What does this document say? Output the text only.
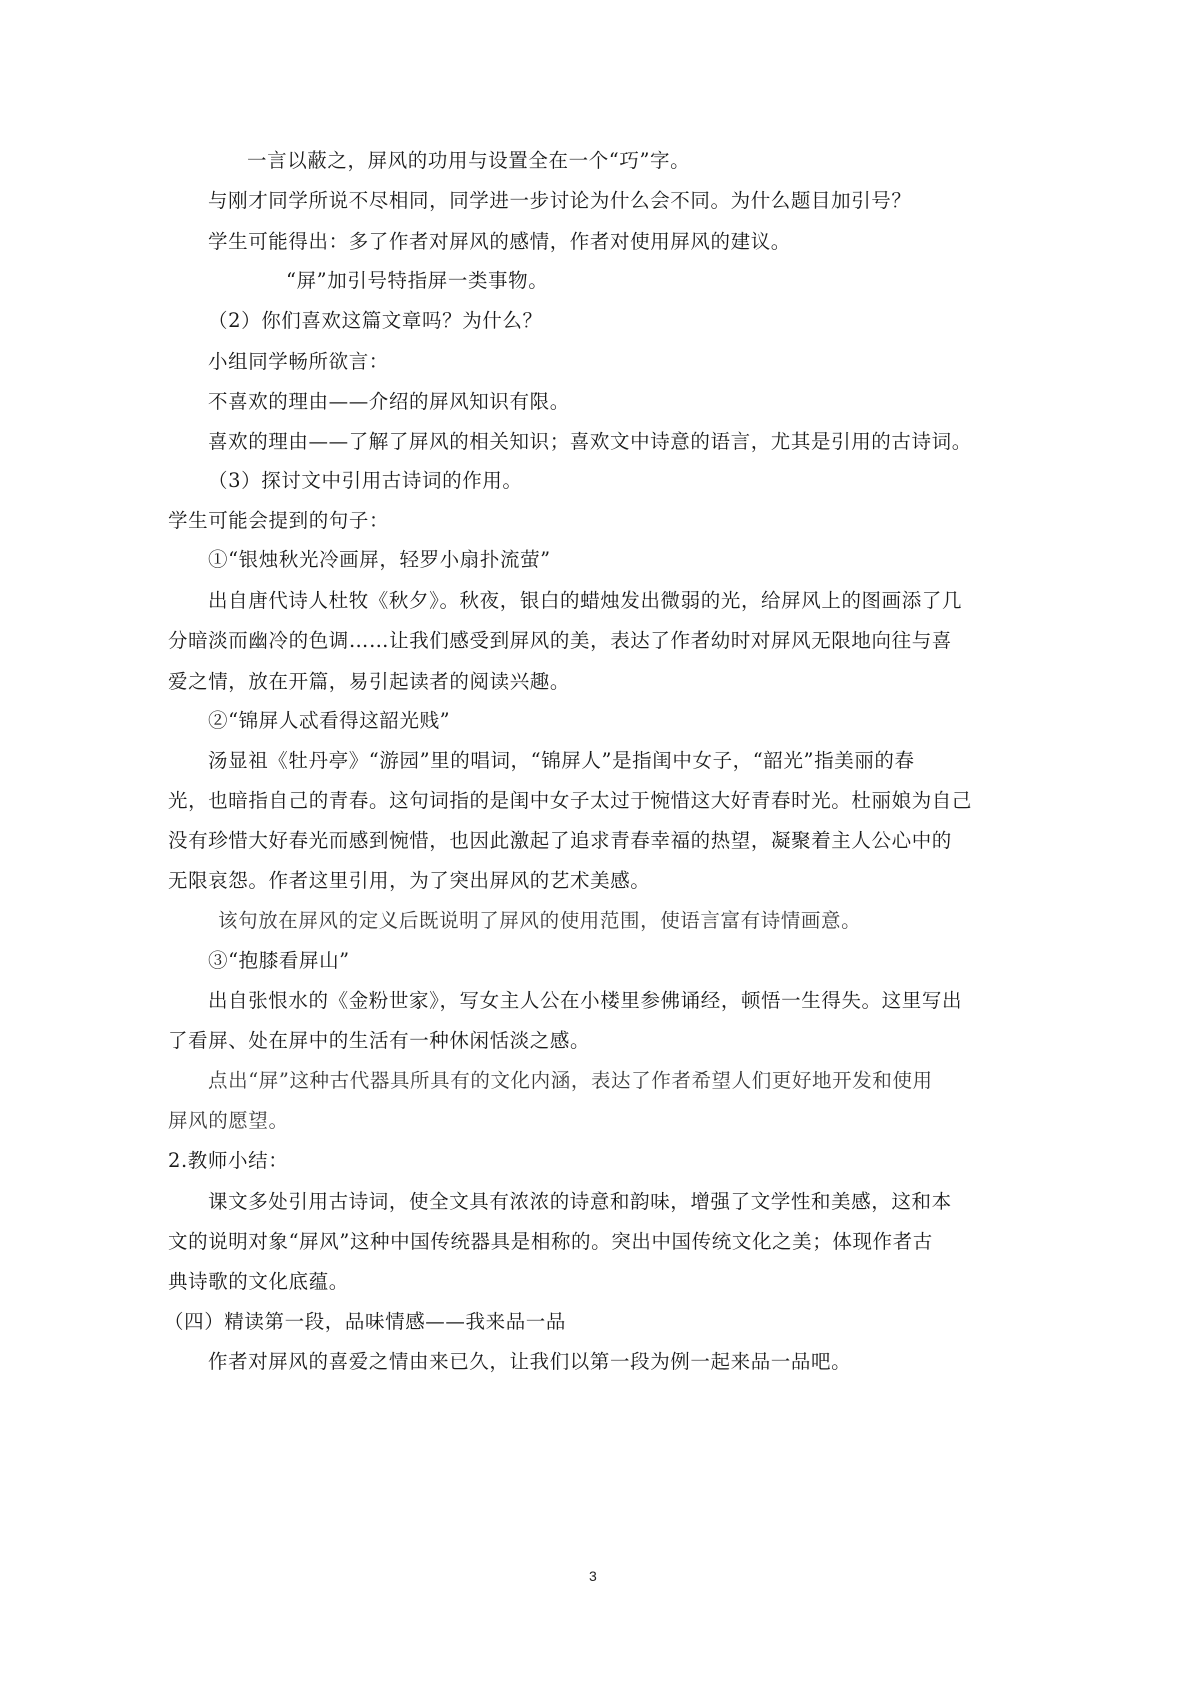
一言以蔽之，屏风的功用与设置全在一个“巧”字。
与刚才同学所说不尽相同，同学进一步讨论为什么会不同。为什么题目加引号？
学生可能得出：多了作者对屏风的感情，作者对使用屏风的建议。
“屏”加引号特指屏一类事物。
（2）你们喜欢这篇文章吗？为什么？
小组同学畅所欲言：
不喜欢的理由——介绍的屏风知识有限。
喜欢的理由——了解了屏风的相关知识；喜欢文中诗意的语言，尤其是引用的古诗词。
（3）探讨文中引用古诗词的作用。
学生可能会提到的句子：
①“银烛秋光冷画屏，轻罗小扇扑流萤”
出自唐代诗人杜牧《秋夕》。秋夜，银白的蜡烛发出微弱的光，给屏风上的图画添了几
分暗淡而幽冷的色调……让我们感受到屏风的美，表达了作者幼时对屏风无限地向往与喜
爱之情，放在开篇，易引起读者的阅读兴趣。
②“锦屏人忒看得这韶光贱”
汤显祖《牡丹亭》“游园”里的唱词，“锦屏人”是指闺中女子，“韶光”指美丽的春
光，也暗指自己的青春。这句词指的是闺中女子太过于惋惜这大好青春时光。杜丽娘为自己
没有珍惜大好春光而感到惋惜，也因此激起了追求青春幸福的热望，凝聚着主人公心中的
无限哀怨。作者这里引用，为了突出屏风的艺术美感。
该句放在屏风的定义后既说明了屏风的使用范围，使语言富有诗情画意。
③“抱膝看屏山”
出自张恨水的《金粉世家》，写女主人公在小楼里参佛诵经，顿悟一生得失。这里写出
了看屏、处在屏中的生活有一种休闲恬淡之感。
点出“屏”这种古代器具所具有的文化内涵，表达了作者希望人们更好地开发和使用
屏风的愿望。
2.教师小结：
课文多处引用古诗词，使全文具有浓浓的诗意和韵味，增强了文学性和美感，这和本
文的说明对象“屏风”这种中国传统器具是相称的。突出中国传统文化之美；体现作者古
典诗歌的文化底蕴。
（四）精读第一段，品味情感——我来品一品
作者对屏风的喜爱之情由来已久，让我们以第一段为例一起来品一品吧。
3
